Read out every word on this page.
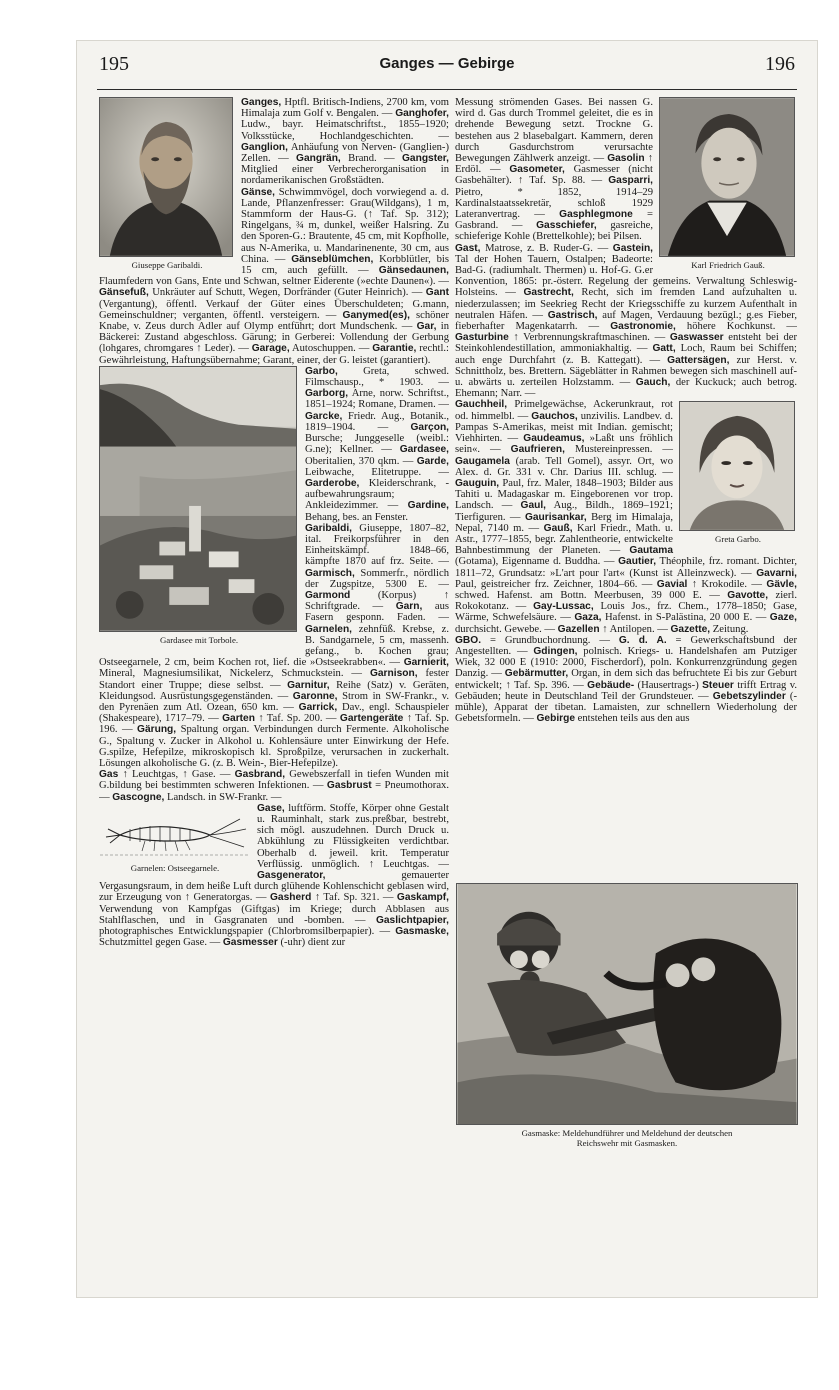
195	Ganges — Gebirge	196
Giuseppe Garibaldi.

Ganges, Hptfl. Britisch-Indiens, 2700 km, vom Himalaja zum Golf v. Bengalen. — Ganghofer, Ludw., bayr. Heimatschriftst., 1855–1920; Volksstücke, Hochlandgeschichten. — Ganglion, Anhäufung von Nerven- (Ganglien-) Zellen. — Gangrän, Brand. — Gangster, Mitglied einer Verbrecherorganisation in nordamerikanischen Großstädten.

Gänse, Schwimmvögel, doch vorwiegend a. d. Lande, Pflanzenfresser: Grau(Wildgans), 1 m, Stammform der Haus-G. (↑ Taf. Sp. 312); Ringelgans, ¾ m, dunkel, weißer Halsring. Zu den Sporen-G.: Brautente, 45 cm, mit Kopfholle, aus N-Amerika, u. Mandarinenente, 30 cm, aus China. — Gänseblümchen, Korbblütler, bis 15 cm, auch gefüllt. — Gänsedaunen, Flaumfedern von Gans, Ente und Schwan, seltner Eiderente (»echte Daunen«). — Gänsefuß, Unkräuter auf Schutt, Wegen, Dorfränder (Guter Heinrich). — Gant (Vergantung), öffentl. Verkauf der Güter eines Überschuldeten; G.mann, Gemeinschuldner; verganten, öffentl. versteigern. — Ganymed(es), schöner Knabe, v. Zeus durch Adler auf Olymp entführt; dort Mundschenk. — Gar, in Bäckerei: Zustand abgeschloss. Gärung; in Gerberei: Vollendung der Gerbung (lohgares, chromgares ↑ Leder). — Garage, Autoschuppen. — Garantie, rechtl.: Gewährleistung, Haftungsübernahme; Garant, einer, der G. leistet (garantiert).

Gardasee mit Torbole.

Garbo, Greta, schwed. Filmschausp., * 1903. — Garborg, Arne, norw. Schriftst., 1851–1924; Romane, Dramen. — Garcke, Friedr. Aug., Botanik., 1819–1904. — Garçon, Bursche; Junggeselle (weibl.: G.ne); Kellner. — Gardasee, Oberitalien, 370 qkm. — Garde, Leibwache, Elitetruppe. — Garderobe, Kleiderschrank, -aufbewahrungsraum; Ankleidezimmer. — Gardine, Behang, bes. an Fenster.

Garibaldi, Giuseppe, 1807–82, ital. Freikorpsführer in den Einheitskämpf. 1848–66, kämpfte 1870 auf frz. Seite. — Garmisch, Sommerfr., nördlich der Zugspitze, 5300 E. — Garmond (Korpus) ↑ Schriftgrade. — Garn, aus Fasern gesponn. Faden. — Garnelen, zehnfüß. Krebse, z. B. Sandgarnele, 5 cm, massenh. gefang., b. Kochen grau; Ostseegarnele, 2 cm, beim Kochen rot, lief. die »Ostseekrabben«. — Garnierit, Mineral, Magnesiumsilikat, Nickelerz, Schmuckstein. — Garnison, fester Standort einer Truppe; diese selbst. — Garnitur, Reihe (Satz) v. Geräten, Kleidungsod. Ausrüstungsgegenständen. — Garonne, Strom in SW-Frankr., v. den Pyrenäen zum Atl. Ozean, 650 km. — Garrick, Dav., engl. Schauspieler (Shakespeare), 1717–79. — Garten ↑ Taf. Sp. 200. — Gartengeräte ↑ Taf. Sp. 196. — Gärung, Spaltung organ. Verbindungen durch Fermente. Alkoholische G., Spaltung v. Zucker in Alkohol u. Kohlensäure unter Einwirkung der Hefe. G.spilze, Hefepilze, mikroskopisch kl. Sproßpilze, verursachen in zuckerhalt. Lösungen alkoholische G. (z. B. Wein-, Bier-Hefepilze).

Gas ↑ Leuchtgas, ↑ Gase. — Gasbrand, Gewebszerfall in tiefen Wunden mit G.bildung bei bestimmten schweren Infektionen. — Gasbrust = Pneumothorax. — Gascogne, Landsch. in SW-Frankr. —

Garnelen: Ostseegarnele.

Gase, luftförm. Stoffe, Körper ohne Gestalt u. Rauminhalt, stark zus.preßbar, bestrebt, sich mögl. auszudehnen. Durch Druck u. Abkühlung zu Flüssigkeiten verdichtbar. Oberhalb d. jeweil. krit. Temperatur Verflüssig. unmöglich. ↑ Leuchtgas. — Gasgenerator, gemauerter Vergasungsraum, in dem heiße Luft durch glühende Kohlenschicht geblasen wird, zur Erzeugung von ↑ Generatorgas. — Gasherd ↑ Taf. Sp. 321. — Gaskampf, Verwendung von Kampfgas (Giftgas) im Kriege; durch Abblasen aus Stahlflaschen, und in Gasgranaten und -bomben. — Gaslichtpapier, photographisches Entwicklungspapier (Chlorbromsilberpapier). — Gasmaske, Schutzmittel gegen Gase. — Gasmesser (-uhr) dient zur

Karl Friedrich Gauß.

Messung strömenden Gases. Bei nassen G. wird d. Gas durch Trommel geleitet, die es in drehende Bewegung setzt. Trockne G. bestehen aus 2 blasebalgart. Kammern, deren durch Gasdurchstrom verursachte Bewegungen Zählwerk anzeigt. — Gasolin ↑ Erdöl. — Gasometer, Gasmesser (nicht Gasbehälter). ↑ Taf. Sp. 88. — Gasparri, Pietro, * 1852, 1914–29 Kardinalstaatssekretär, schloß 1929 Lateranvertrag. — Gasphlegmone = Gasbrand. — Gasschiefer, gasreiche, schieferige Kohle (Brettelkohle); bei Pilsen.

Gast, Matrose, z. B. Ruder-G. — Gastein, Tal der Hohen Tauern, Ostalpen; Badeorte: Bad-G. (radiumhalt. Thermen) u. Hof-G. G.er Konvention, 1865: pr.-österr. Regelung der gemeins. Verwaltung Schleswig-Holsteins. — Gastrecht, Recht, sich im fremden Land aufzuhalten u. niederzulassen; im Seekrieg Recht der Kriegsschiffe zu kurzem Aufenthalt in neutralen Häfen. — Gastrisch, auf Magen, Verdauung bezügl.; g.es Fieber, fieberhafter Magenkatarrh. — Gastronomie, höhere Kochkunst. — Gasturbine ↑ Verbrennungskraftmaschinen. — Gaswasser entsteht bei der Steinkohlendestillation, ammoniakhaltig. — Gatt, Loch, Raum bei Schiffen; auch enge Durchfahrt (z. B. Kattegatt). — Gattersägen, zur Herst. v. Schnittholz, bes. Brettern. Sägeblätter in Rahmen bewegen sich maschinell auf- u. abwärts u. zerteilen Holzstamm. — Gauch, der Kuckuck; auch betrog. Ehemann; Narr. —

Greta Garbo.

Gauchheil, Primelgewächse, Ackerunkraut, rot od. himmelbl. — Gauchos, unzivilis. Landbev. d. Pampas S-Amerikas, meist mit Indian. gemischt; Viehhirten. — Gaudeamus, »Laßt uns fröhlich sein«. — Gaufrieren, Mustereinpressen. — Gaugamela (arab. Tell Gomel), assyr. Ort, wo Alex. d. Gr. 331 v. Chr. Darius III. schlug. — Gauguin, Paul, frz. Maler, 1848–1903; Bilder aus Tahiti u. Madagaskar m. Eingeborenen vor trop. Landsch. — Gaul, Aug., Bildh., 1869–1921; Tierfiguren. — Gaurisankar, Berg im Himalaja, Nepal, 7140 m. — Gauß, Karl Friedr., Math. u. Astr., 1777–1855, begr. Zahlentheorie, entwickelte Bahnbestimmung der Planeten. — Gautama (Gotama), Eigenname d. Buddha. — Gautier, Théophile, frz. romant. Dichter, 1811–72, Grundsatz: »L'art pour l'art« (Kunst ist Alleinzweck). — Gavarni, Paul, geistreicher frz. Zeichner, 1804–66. — Gavial ↑ Krokodile. — Gävle, schwed. Hafenst. am Bottn. Meerbusen, 39 000 E. — Gavotte, zierl. Rokokotanz. — Gay-Lussac, Louis Jos., frz. Chem., 1778–1850; Gase, Wärme, Schwefelsäure. — Gaza, Hafenst. in S-Palästina, 20 000 E. — Gaze, durchsicht. Gewebe. — Gazellen ↑ Antilopen. — Gazette, Zeitung.

GBO. = Grundbuchordnung. — G. d. A. = Gewerkschaftsbund der Angestellten. — Gdingen, polnisch. Kriegs- u. Handelshafen am Putziger Wiek, 32 000 E (1910: 2000, Fischerdorf), poln. Konkurrenzgründung gegen Danzig. — Gebärmutter, Organ, in dem sich das befruchtete Ei bis zur Geburt entwickelt; ↑ Taf. Sp. 396. — Gebäude- (Hausertrags-) Steuer trifft Ertrag v. Gebäuden; heute in Deutschland Teil der Grundsteuer. — Gebetszylinder (-mühle), Apparat der tibetan. Lamaisten, zur schnellern Wiederholung der Gebetsformeln. — Gebirge entstehen teils aus den aus

Gasmaske: Meldehundführer und Meldehund der deutschen
Reichswehr mit Gasmasken.
